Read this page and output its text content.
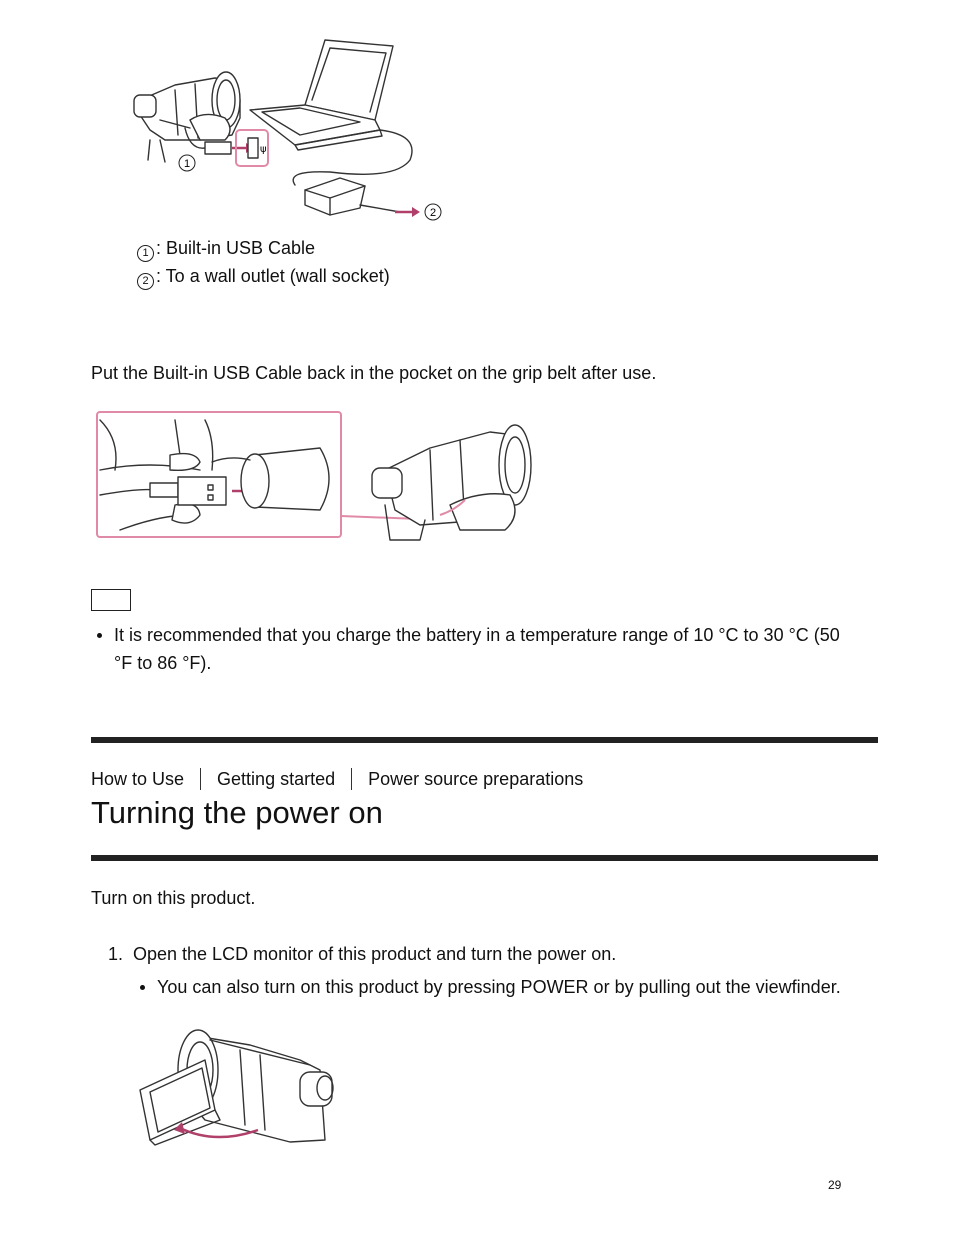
1
ψ
2
1 : Built-in USB Cable
2 : To a wall outlet (wall socket)
Put the Built-in USB Cable back in the pocket on the grip belt after use.
It is recommended that you charge the battery in a temperature range of 10 °C to 30 °C (50
°F to 86 °F).
How to Use Getting started Power source preparations
Turning the power on
Turn on this product.
1. Open the LCD monitor of this product and turn the power on.
You can also turn on this product by pressing POWER or by pulling out the viewfinder.
29
